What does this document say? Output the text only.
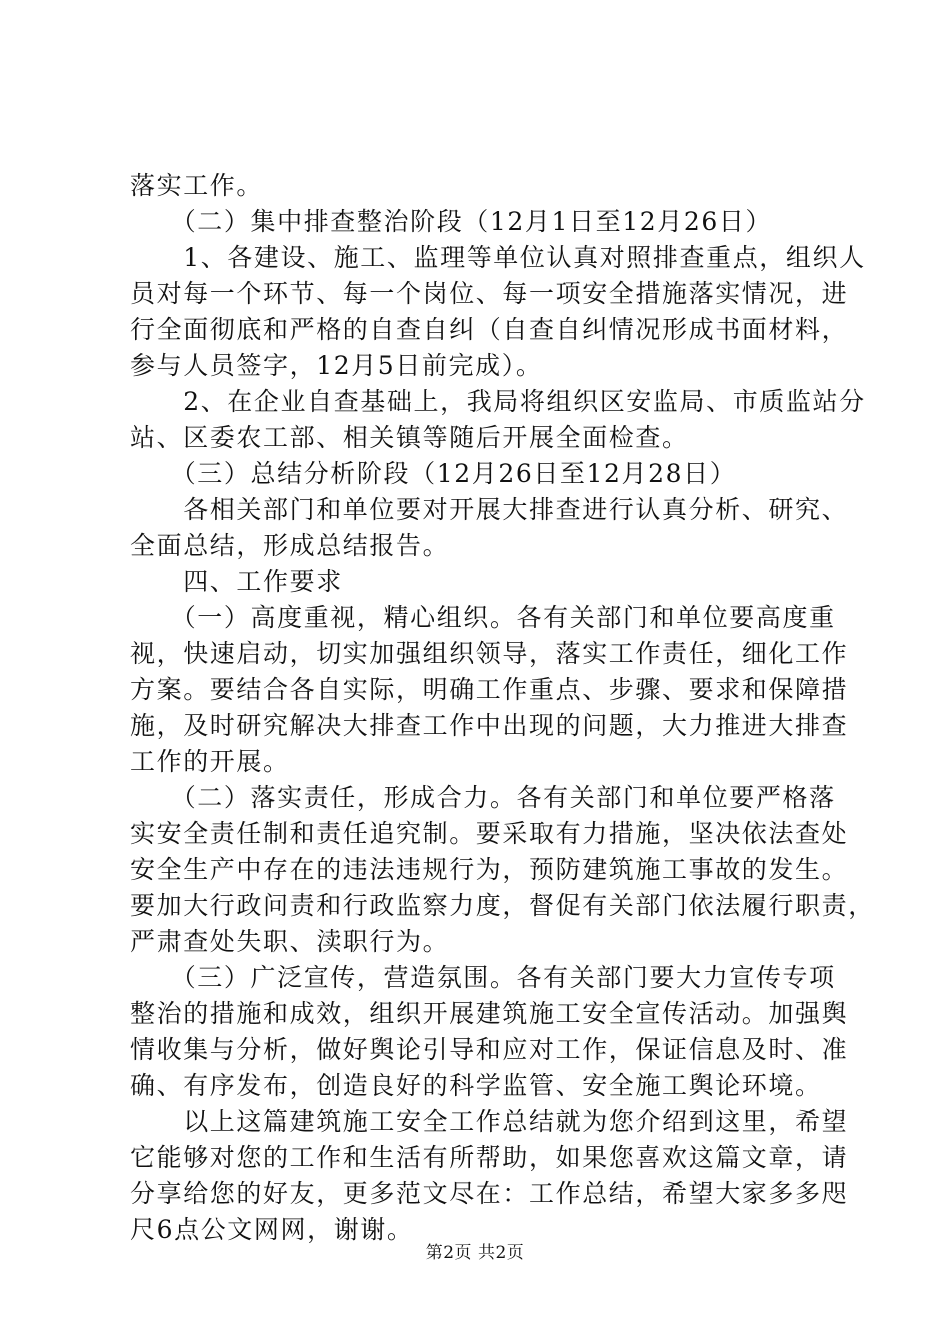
落实工作。
　　（二）集中排查整治阶段（12月1日至12月26日）
　　1、各建设、施工、监理等单位认真对照排查重点，组织人
员对每一个环节、每一个岗位、每一项安全措施落实情况，进
行全面彻底和严格的自查自纠（自查自纠情况形成书面材料，
参与人员签字，12月5日前完成）。
　　2、在企业自查基础上，我局将组织区安监局、市质监站分
站、区委农工部、相关镇等随后开展全面检查。
　　（三）总结分析阶段（12月26日至12月28日）
　　各相关部门和单位要对开展大排查进行认真分析、研究、
全面总结，形成总结报告。
　　四、工作要求
　　（一）高度重视，精心组织。各有关部门和单位要高度重
视，快速启动，切实加强组织领导，落实工作责任，细化工作
方案。要结合各自实际，明确工作重点、步骤、要求和保障措
施，及时研究解决大排查工作中出现的问题，大力推进大排查
工作的开展。
　　（二）落实责任，形成合力。各有关部门和单位要严格落
实安全责任制和责任追究制。要采取有力措施，坚决依法查处
安全生产中存在的违法违规行为，预防建筑施工事故的发生。
要加大行政问责和行政监察力度，督促有关部门依法履行职责，
严肃查处失职、渎职行为。
　　（三）广泛宣传，营造氛围。各有关部门要大力宣传专项
整治的措施和成效，组织开展建筑施工安全宣传活动。加强舆
情收集与分析，做好舆论引导和应对工作，保证信息及时、准
确、有序发布，创造良好的科学监管、安全施工舆论环境。
　　以上这篇建筑施工安全工作总结就为您介绍到这里，希望
它能够对您的工作和生活有所帮助，如果您喜欢这篇文章，请
分享给您的好友，更多范文尽在：工作总结，希望大家多多咫
尺6点公文网网，谢谢。
第2页 共2页
